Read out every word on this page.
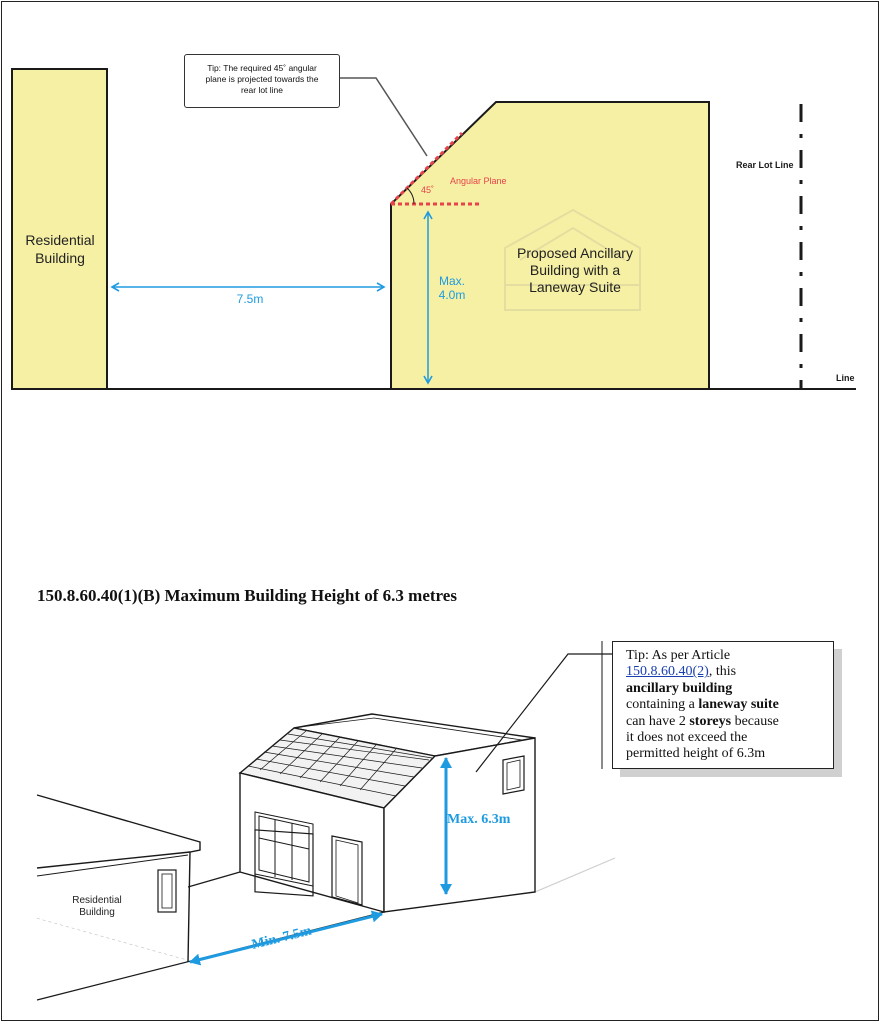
Residential
Building	Proposed Ancillary
Building with a
Laneway Suite
7.5m
Max.
4.0m
45˚
Angular Plane
Rear Lot Line
Line
Residential
Building
Max. 6.3m
Min. 7.5m
Tip: The required 45˚ angular
plane is projected towards the
rear lot line
150.8.60.40(1)(B) Maximum Building Height of 6.3 metres
Tip: As per Article
150.8.60.40(2), this
ancillary building
containing a laneway suite
can have 2 storeys because
it does not exceed the
permitted height of 6.3m
